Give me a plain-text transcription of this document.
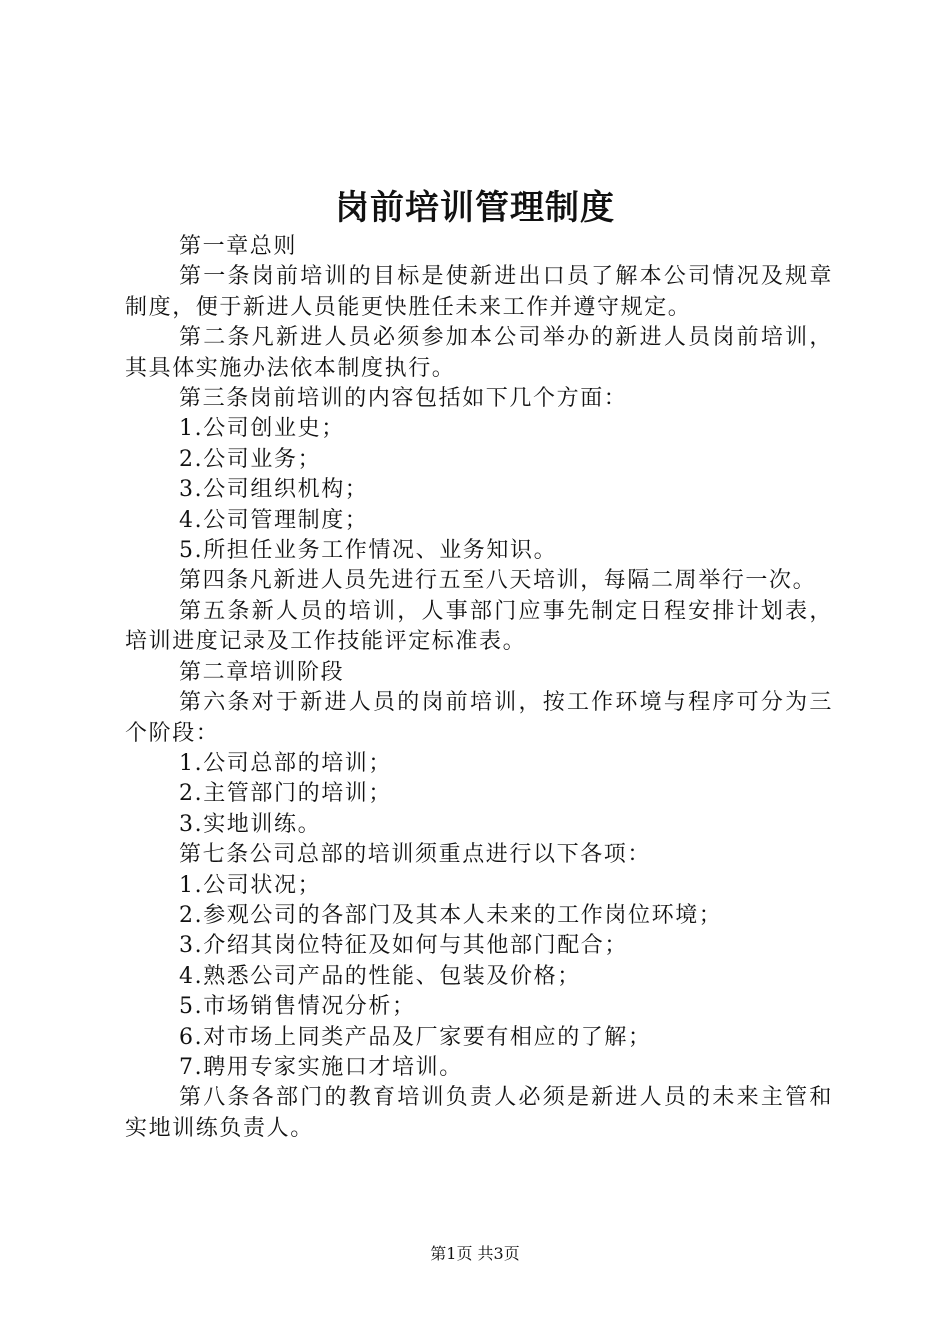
岗前培训管理制度

第一章总则

第一条岗前培训的目标是使新进出口员了解本公司情况及规章制度，便于新进人员能更快胜任未来工作并遵守规定。

第二条凡新进人员必须参加本公司举办的新进人员岗前培训，其具体实施办法依本制度执行。

第三条岗前培训的内容包括如下几个方面：

1.公司创业史；

2.公司业务；

3.公司组织机构；

4.公司管理制度；

5.所担任业务工作情况、业务知识。

第四条凡新进人员先进行五至八天培训，每隔二周举行一次。

第五条新人员的培训，人事部门应事先制定日程安排计划表，培训进度记录及工作技能评定标准表。

第二章培训阶段

第六条对于新进人员的岗前培训，按工作环境与程序可分为三个阶段：

1.公司总部的培训；

2.主管部门的培训；

3.实地训练。

第七条公司总部的培训须重点进行以下各项：

1.公司状况；

2.参观公司的各部门及其本人未来的工作岗位环境；

3.介绍其岗位特征及如何与其他部门配合；

4.熟悉公司产品的性能、包装及价格；

5.市场销售情况分析；

6.对市场上同类产品及厂家要有相应的了解；

7.聘用专家实施口才培训。

第八条各部门的教育培训负责人必须是新进人员的未来主管和实地训练负责人。

第1页 共3页
